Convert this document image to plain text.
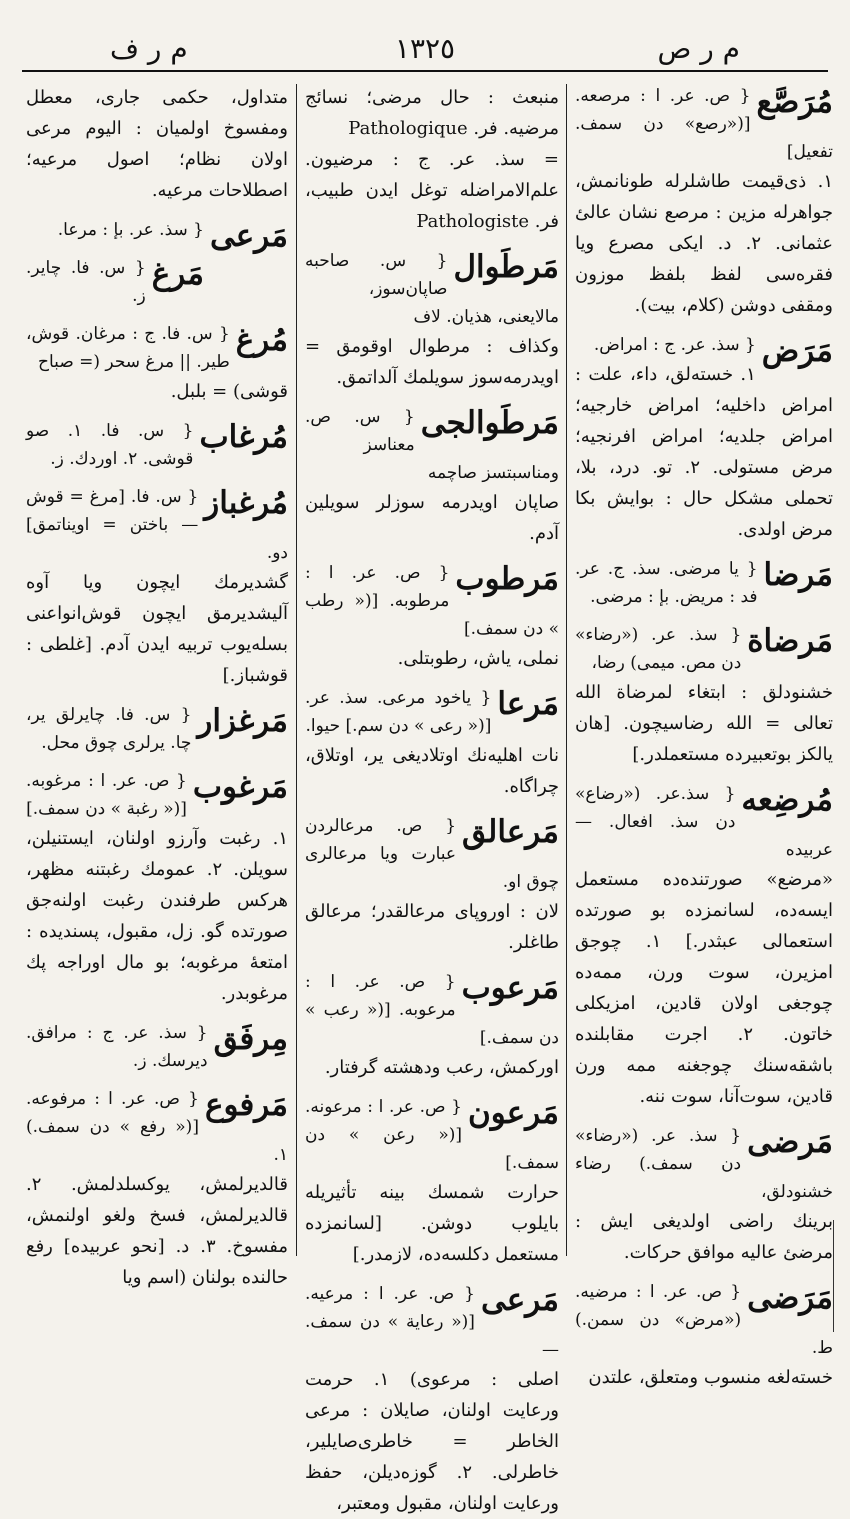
م ر ف	١٣٢٥	م ر ص
مُرَصَّع
{ ص. عر. ا : مرصعه. [(«رصع» دن سمف. تفعيل]
١. ذى‌قيمت طاشلرله طونانمش، جواهرله مزين : مرصع نشان عالئ عثمانى. ٢. د. ايكى مصرع ويا فقره‌سى لفظ بلفظ موزون ومقفى دوشن (كلام، بيت).
مَرَض
{ سذ. عر. ج : امراض.
١. خسته‌لق، داء، علت : امراض داخليه؛ امراض خارجيه؛ امراض جلديه؛ امراض افرنجيه؛ مرض مستولى. ٢. تو. درد، بلا، تحملى مشكل حال : بوايش بكا مرض اولدى.
مَرضا
{ يا مرضى. سذ. ج. عر. فد : مريض. بإ : مرضى.
مَرضاة
{ سذ. عر. («رضاء» دن مص. ميمى) رضا،
خشنودلق : ابتغاء لمرضاة الله تعالى = الله رضاسيچون. [هان يالكز بوتعبيرده مستعملدر.]
مُرضِعه
{ سذ.عر. («رضاع» دن سذ. افعال. — عربيده
«مرضع» صورتنده‌ده مستعمل ايسه‌ده، لسانمزده بو صورتده استعمالى عبثدر.] ١. چوجق امزيرن، سوت ورن، ممه‌ده چوجغى اولان قادين، امزيكلى خاتون. ٢. اجرت مقابلنده باشقه‌سنك چوجغنه ممه ورن قادين، سوت‌آنا، سوت ننه.
مَرضى
{ سذ. عر. («رضاء» دن سمف.) رضاء خشنودلق،
برينك راضى اولديغى ايش : مرضئ عاليه موافق حركات.
مَرَضى
{ ص. عر. ا : مرضيه. («مرض» دن سمن.) ط.
خسته‌لغه منسوب ومتعلق، علتدن
منبعث : حال مرضى؛ نسائج مرضيه. فر. Pathologique
= سذ. عر. ج : مرضيون. علم‌الامراضله توغل ايدن طبيب، فر. Pathologiste
مَرطَوال
{ س. صاحبه صاپان‌سوز، مالايعنى، هذيان. لاف
وكذاف : مرطوال اوقومق = اويدرمه‌سوز سويلمك آلداتمق.
مَرطَوالجى
{ س. ص. معناسز ومناسبتسز صاچمه
صاپان اويدرمه سوزلر سويلين آدم.
مَرطوب
{ ص. عر. ا : مرطوبه. [(« رطب » دن سمف.]
نملى، ياش، رطوبتلى.
مَرعا
{ ياخود مرعى. سذ. عر. [(« رعى » دن سم.] حيوا.
نات اهليه‌نك اوتلاديغى ير، اوتلاق، چراگاه.
مَرعالق
{ ص. مرعالردن عبارت ويا مرعالرى چوق او.
لان : اوروپاى مرعالقدر؛ مرعالق طاغلر.
مَرعوب
{ ص. عر. ا : مرعوبه. [(« رعب » دن سمف.]
اوركمش، رعب ودهشته گرفتار.
مَرعون
{ ص. عر. ا : مرعونه. [(« رعن » دن سمف.]
حرارت شمسك بينه تأثيريله بايلوب دوشن. [لسانمزده مستعمل دكلسه‌ده، لازمدر.]
مَرعى
{ ص. عر. ا : مرعيه. [(« رعاية » دن سمف. —
اصلى : مرعوى) ١. حرمت ورعايت اولنان، صايلان : مرعى الخاطر = خاطرى‌صايلير، خاطرلى. ٢. گوزه‌ديلن، حفظ ورعايت اولنان، مقبول ومعتبر،
متداول، حكمى جارى، معطل ومفسوخ اولميان : اليوم مرعى اولان نظام؛ اصول مرعيه؛ اصطلاحات مرعيه.
مَرعى
{ سذ. عر. بإ : مرعا.
مَرغ
{ س. فا. چاير. ز.
مُرغ
{ س. فا. ج : مرغان. قوش، طير. || مرغ سحر (= صباح
قوشى) = بلبل.
مُرغاب
{ س. فا. ١. صو قوشى. ٢. اوردك. ز.
مُرغباز
{ س. فا. [مرغ = قوش — باختن = اويناتمق] دو.
گشديرمك ايچون ويا آوه آليشديرمق ايچون قوش‌انواعنى بسله‌يوب تربيه ايدن آدم. [غلطى : قوشباز.]
مَرغزار
{ س. فا. چايرلق ير، چا. يرلرى چوق محل.
مَرغوب
{ ص. عر. ا : مرغوبه. [(« رغبة » دن سمف.]
١. رغبت وآرزو اولنان، ايستنيلن، سويلن. ٢. عمومك رغبتنه مظهر، هركس طرفندن رغبت اولنه‌جق صورتده گو. زل، مقبول، پسنديده : امتعهٔ مرغوبه؛ بو مال اوراجه پك مرغوبدر.
مِرفَق
{ سذ. عر. ج : مرافق. ديرسك. ز.
مَرفوع
{ ص. عر. ا : مرفوعه. [(« رفع » دن سمف.) ١.
قالديرلمش، يوكسلدلمش. ٢. قالديرلمش، فسخ ولغو اولنمش، مفسوخ. ٣. د. [نحو عربيده] رفع حالنده بولنان (اسم ويا
